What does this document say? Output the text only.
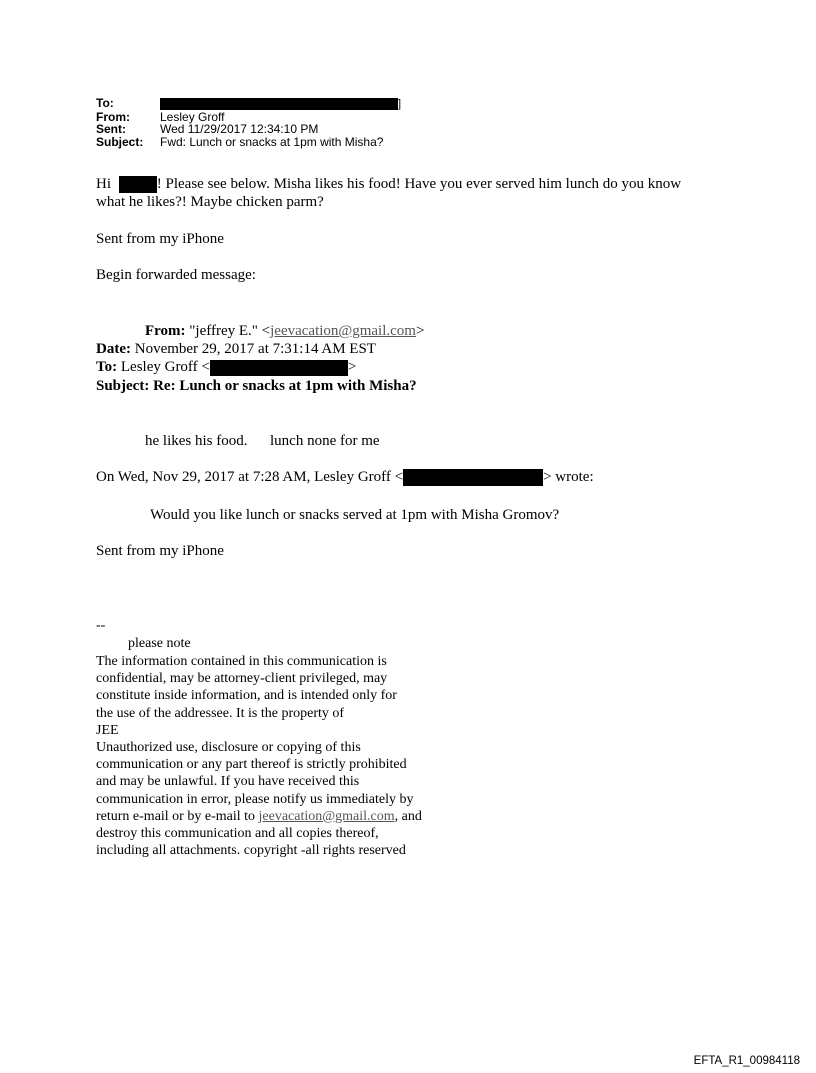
To:	]
From:	Lesley Groff
Sent:	Wed 11/29/2017 12:34:10 PM
Subject: Fwd: Lunch or snacks at 1pm with Misha?
Hi	! Please see below. Misha likes his food! Have you ever served him lunch do you know
what he likes?! Maybe chicken parm?
Sent from my iPhone
Begin forwarded message:
From: "jeffrey E." <jeevacation@gmail.com>
Date: November 29, 2017 at 7:31:14 AM EST
To: Lesley Groff <	>
Subject: Re: Lunch or snacks at 1pm with Misha?
he likes his food.      lunch none for me
On Wed, Nov 29, 2017 at 7:28 AM, Lesley Groff <	> wrote:
Would you like lunch or snacks served at 1pm with Misha Gromov?
Sent from my iPhone
--
please note
The information contained in this communication is
confidential, may be attorney-client privileged, may
constitute inside information, and is intended only for
the use of the addressee. It is the property of
JEE
Unauthorized use, disclosure or copying of this
communication or any part thereof is strictly prohibited
and may be unlawful. If you have received this
communication in error, please notify us immediately by
return e-mail or by e-mail to jeevacation@gmail.com, and
destroy this communication and all copies thereof,
including all attachments. copyright -all rights reserved
EFTA_R1_00984118
